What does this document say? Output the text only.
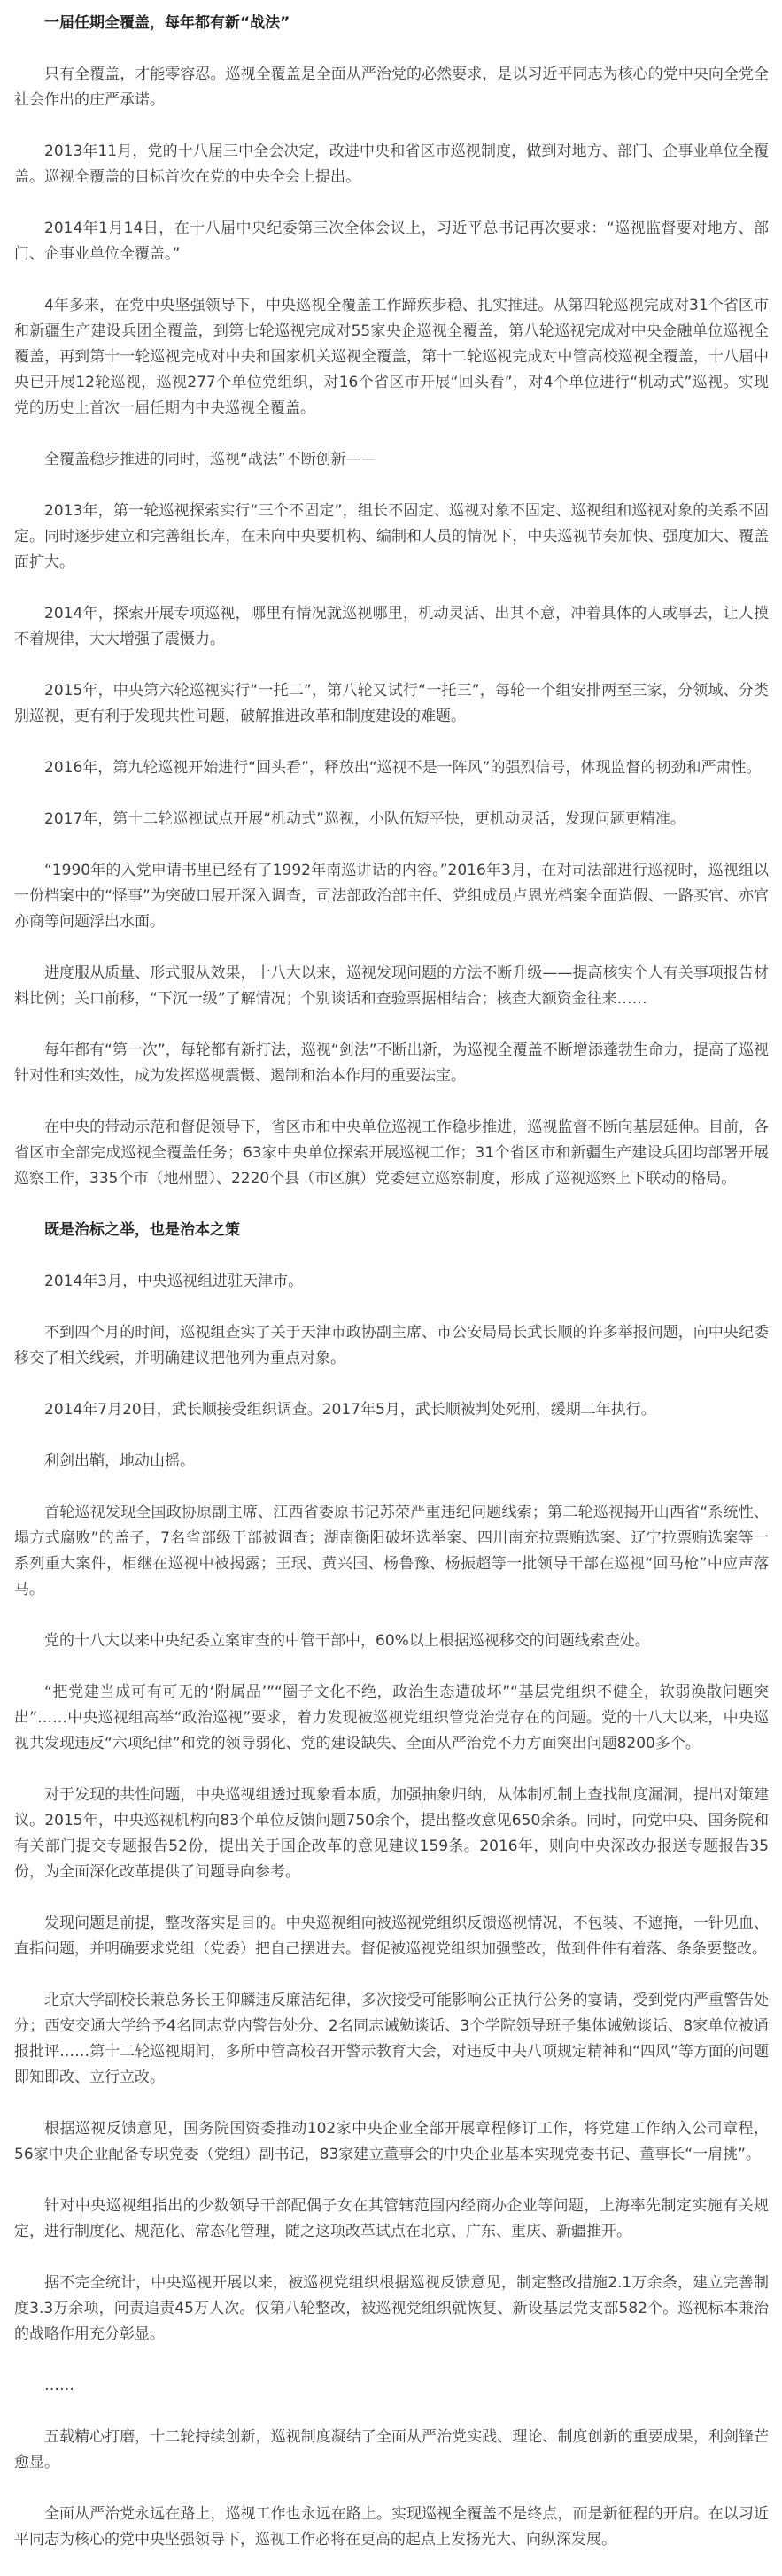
一届任期全覆盖，每年都有新“战法”

只有全覆盖，才能零容忍。巡视全覆盖是全面从严治党的必然要求，是以习近平同志为核心的党中央向全党全社会作出的庄严承诺。

2013年11月，党的十八届三中全会决定，改进中央和省区市巡视制度，做到对地方、部门、企事业单位全覆盖。巡视全覆盖的目标首次在党的中央全会上提出。

2014年1月14日，在十八届中央纪委第三次全体会议上，习近平总书记再次要求：“巡视监督要对地方、部门、企事业单位全覆盖。”

4年多来，在党中央坚强领导下，中央巡视全覆盖工作蹄疾步稳、扎实推进。从第四轮巡视完成对31个省区市和新疆生产建设兵团全覆盖，到第七轮巡视完成对55家央企巡视全覆盖，第八轮巡视完成对中央金融单位巡视全覆盖，再到第十一轮巡视完成对中央和国家机关巡视全覆盖，第十二轮巡视完成对中管高校巡视全覆盖，十八届中央已开展12轮巡视，巡视277个单位党组织，对16个省区市开展“回头看”，对4个单位进行“机动式”巡视。实现党的历史上首次一届任期内中央巡视全覆盖。

全覆盖稳步推进的同时，巡视“战法”不断创新——

2013年，第一轮巡视探索实行“三个不固定”，组长不固定、巡视对象不固定、巡视组和巡视对象的关系不固定。同时逐步建立和完善组长库，在未向中央要机构、编制和人员的情况下，中央巡视节奏加快、强度加大、覆盖面扩大。

2014年，探索开展专项巡视，哪里有情况就巡视哪里，机动灵活、出其不意，冲着具体的人或事去，让人摸不着规律，大大增强了震慑力。

2015年，中央第六轮巡视实行“一托二”，第八轮又试行“一托三”，每轮一个组安排两至三家，分领域、分类别巡视，更有利于发现共性问题，破解推进改革和制度建设的难题。

2016年，第九轮巡视开始进行“回头看”，释放出“巡视不是一阵风”的强烈信号，体现监督的韧劲和严肃性。

2017年，第十二轮巡视试点开展“机动式”巡视，小队伍短平快，更机动灵活，发现问题更精准。

“1990年的入党申请书里已经有了1992年南巡讲话的内容。”2016年3月，在对司法部进行巡视时，巡视组以一份档案中的“怪事”为突破口展开深入调查，司法部政治部主任、党组成员卢恩光档案全面造假、一路买官、亦官亦商等问题浮出水面。

进度服从质量、形式服从效果，十八大以来，巡视发现问题的方法不断升级——提高核实个人有关事项报告材料比例；关口前移，“下沉一级”了解情况；个别谈话和查验票据相结合；核查大额资金往来……

每年都有“第一次”，每轮都有新打法，巡视“剑法”不断出新，为巡视全覆盖不断增添蓬勃生命力，提高了巡视针对性和实效性，成为发挥巡视震慑、遏制和治本作用的重要法宝。

在中央的带动示范和督促领导下，省区市和中央单位巡视工作稳步推进，巡视监督不断向基层延伸。目前，各省区市全部完成巡视全覆盖任务；63家中央单位探索开展巡视工作；31个省区市和新疆生产建设兵团均部署开展巡察工作，335个市（地州盟）、2220个县（市区旗）党委建立巡察制度，形成了巡视巡察上下联动的格局。

既是治标之举，也是治本之策

2014年3月，中央巡视组进驻天津市。

不到四个月的时间，巡视组查实了关于天津市政协副主席、市公安局局长武长顺的许多举报问题，向中央纪委移交了相关线索，并明确建议把他列为重点对象。

2014年7月20日，武长顺接受组织调查。2017年5月，武长顺被判处死刑，缓期二年执行。

利剑出鞘，地动山摇。

首轮巡视发现全国政协原副主席、江西省委原书记苏荣严重违纪问题线索；第二轮巡视揭开山西省“系统性、塌方式腐败”的盖子，7名省部级干部被调查；湖南衡阳破坏选举案、四川南充拉票贿选案、辽宁拉票贿选案等一系列重大案件，相继在巡视中被揭露；王珉、黄兴国、杨鲁豫、杨振超等一批领导干部在巡视“回马枪”中应声落马。

党的十八大以来中央纪委立案审查的中管干部中，60%以上根据巡视移交的问题线索查处。

“把党建当成可有可无的‘附属品’”“圈子文化不绝，政治生态遭破坏”“基层党组织不健全，软弱涣散问题突出”……中央巡视组高举“政治巡视”要求，着力发现被巡视党组织管党治党存在的问题。党的十八大以来，中央巡视共发现违反“六项纪律”和党的领导弱化、党的建设缺失、全面从严治党不力方面突出问题8200多个。

对于发现的共性问题，中央巡视组透过现象看本质，加强抽象归纳，从体制机制上查找制度漏洞，提出对策建议。2015年，中央巡视机构向83个单位反馈问题750余个，提出整改意见650余条。同时，向党中央、国务院和有关部门提交专题报告52份，提出关于国企改革的意见建议159条。2016年，则向中央深改办报送专题报告35份，为全面深化改革提供了问题导向参考。

发现问题是前提，整改落实是目的。中央巡视组向被巡视党组织反馈巡视情况，不包装、不遮掩，一针见血、直指问题，并明确要求党组（党委）把自己摆进去。督促被巡视党组织加强整改，做到件件有着落、条条要整改。

北京大学副校长兼总务长王仰麟违反廉洁纪律，多次接受可能影响公正执行公务的宴请，受到党内严重警告处分；西安交通大学给予4名同志党内警告处分、2名同志诫勉谈话、3个学院领导班子集体诫勉谈话、8家单位被通报批评……第十二轮巡视期间，多所中管高校召开警示教育大会，对违反中央八项规定精神和“四风”等方面的问题即知即改、立行立改。

根据巡视反馈意见，国务院国资委推动102家中央企业全部开展章程修订工作，将党建工作纳入公司章程，56家中央企业配备专职党委（党组）副书记，83家建立董事会的中央企业基本实现党委书记、董事长“一肩挑”。

针对中央巡视组指出的少数领导干部配偶子女在其管辖范围内经商办企业等问题，上海率先制定实施有关规定，进行制度化、规范化、常态化管理，随之这项改革试点在北京、广东、重庆、新疆推开。

据不完全统计，中央巡视开展以来，被巡视党组织根据巡视反馈意见，制定整改措施2.1万余条，建立完善制度3.3万余项，问责追责45万人次。仅第八轮整改，被巡视党组织就恢复、新设基层党支部582个。巡视标本兼治的战略作用充分彰显。

……

五载精心打磨，十二轮持续创新，巡视制度凝结了全面从严治党实践、理论、制度创新的重要成果，利剑锋芒愈显。

全面从严治党永远在路上，巡视工作也永远在路上。实现巡视全覆盖不是终点，而是新征程的开启。在以习近平同志为核心的党中央坚强领导下，巡视工作必将在更高的起点上发扬光大、向纵深发展。
